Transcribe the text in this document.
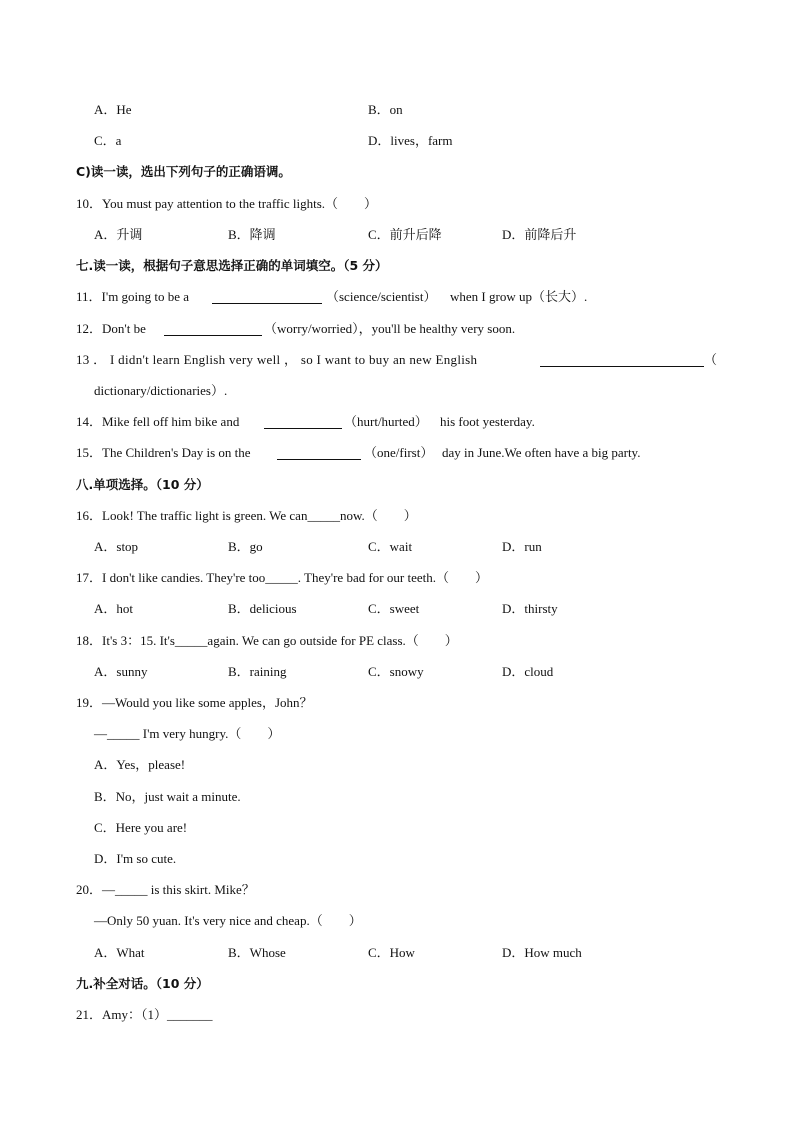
A．He	B．on
C．a	D．lives，farm
C)读一读，选出下列句子的正确语调。
10．You must pay attention to the traffic lights.（　　）
A．升调	B．降调	C．前升后降	D．前降后升
七.读一读，根据句子意思选择正确的单词填空。（5 分）
11．I'm going to be a	（science/scientist） when I grow up（长大）.
12．Don't be	（worry/worried），you'll be healthy very soon.
13 ． I didn't learn English very well ， so I want to buy an new English	（
dictionary/dictionaries）.
14．Mike fell off him bike and	（hurt/hurted） his foot yesterday.
15．The Children's Day is on the	（one/first） day in June.We often have a big party.
八.单项选择。（10 分）
16．Look! The traffic light is green. We can_____now.（　　）
A．stop	B．go	C．wait	D．run
17．I don't like candies. They're too_____. They're bad for our teeth.（　　）
A．hot	B．delicious	C．sweet	D．thirsty
18．It's 3：15. It's_____again. We can go outside for PE class.（　　）
A．sunny	B．raining	C．snowy	D．cloud
19．—Would you like some apples，John？
—_____ I'm very hungry.（　　）
A．Yes，please!
B．No，just wait a minute.
C．Here you are!
D．I'm so cute.
20．—_____ is this skirt. Mike？
—Only 50 yuan. It's very nice and cheap.（　　）
A．What	B．Whose	C．How	D．How much
九.补全对话。（10 分）
21．Amy：（1）_______
